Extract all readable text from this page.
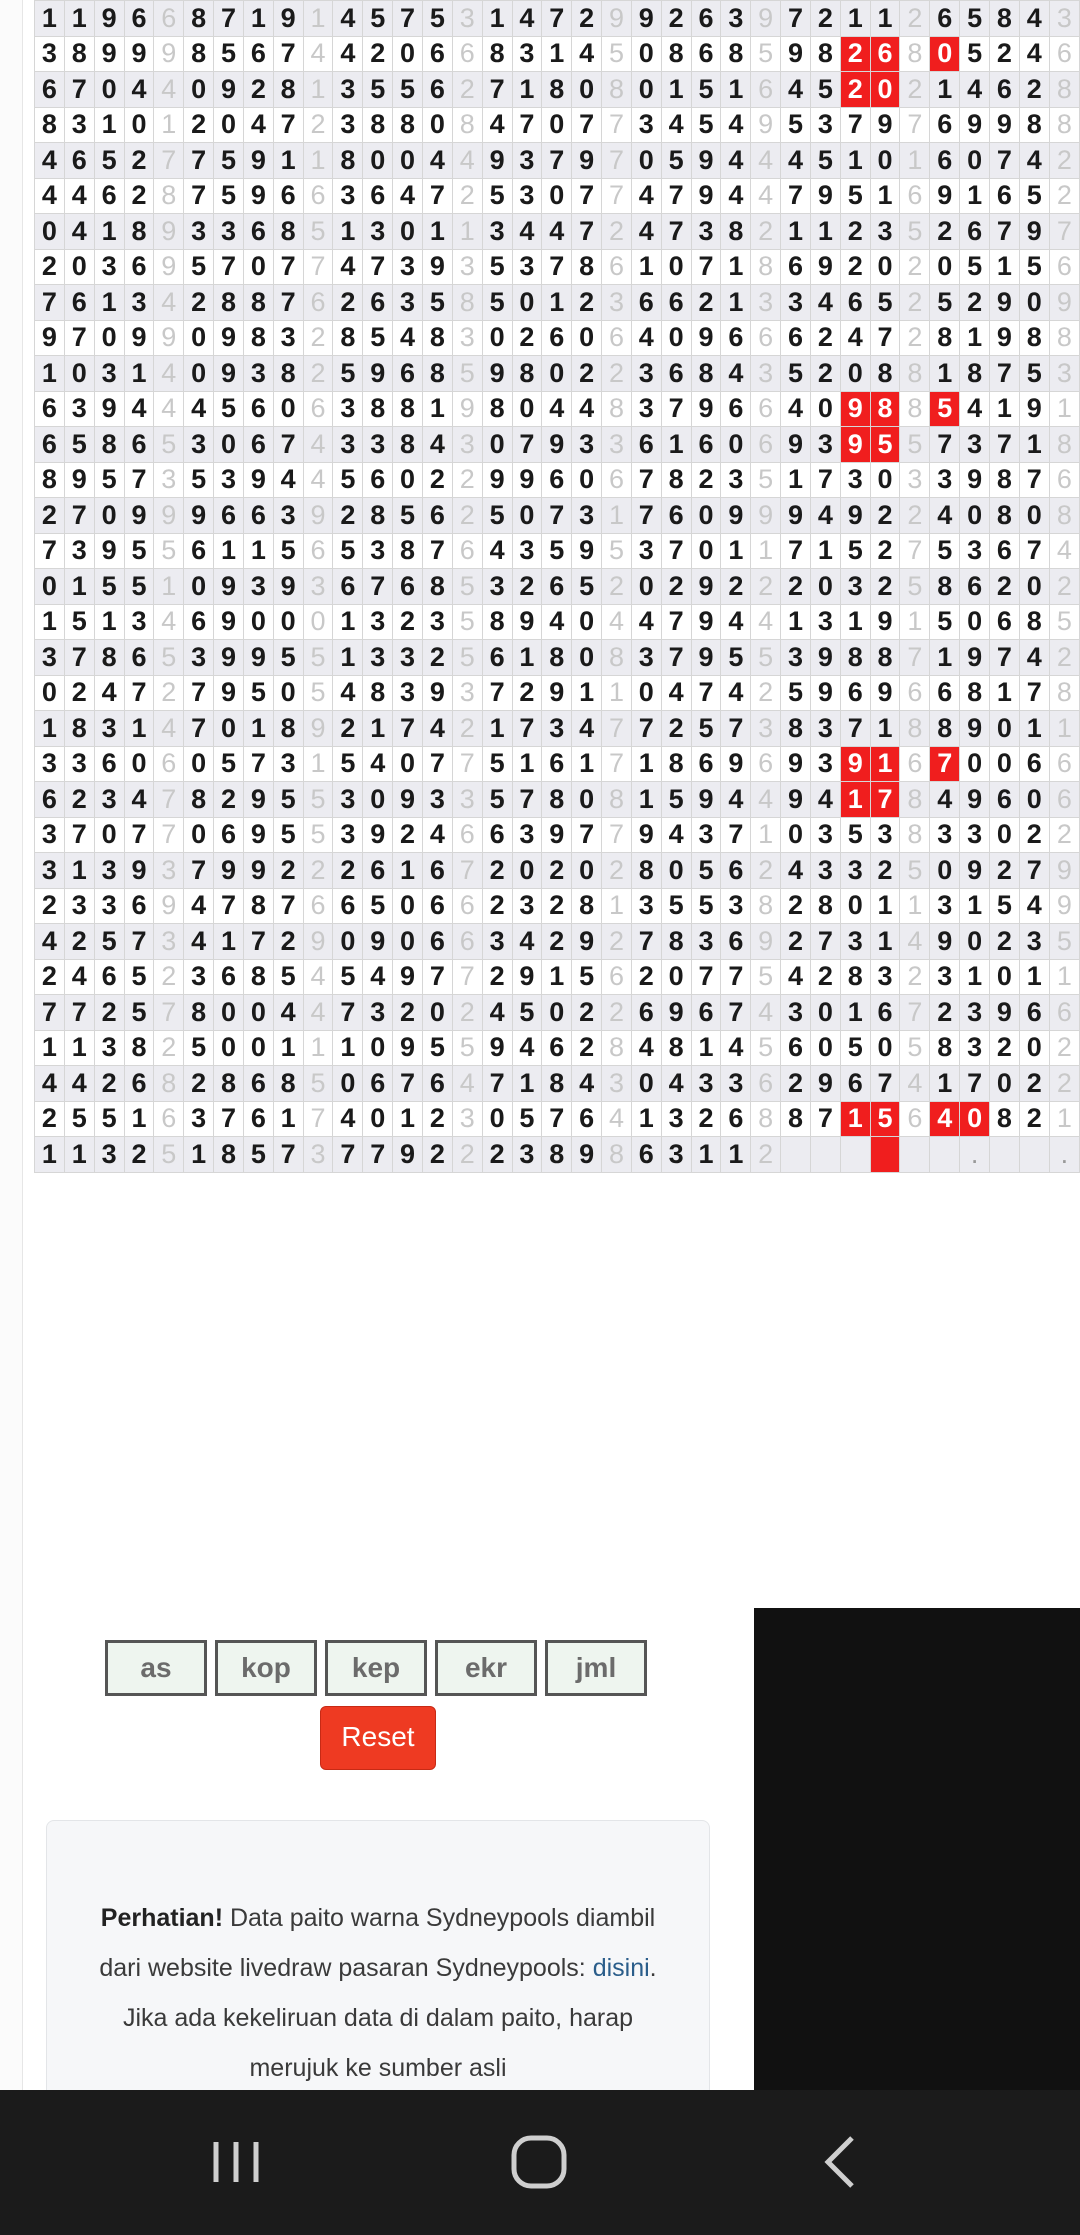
1	1	9	6	6	8	7	1	9	1	4	5	7	5	3	1	4	7	2	9	9	2	6	3	9	7	2	1	1	2	6	5	8	4	3
3	8	9	9	9	8	5	6	7	4	4	2	0	6	6	8	3	1	4	5	0	8	6	8	5	9	8	2	6	8	0	5	2	4	6
6	7	0	4	4	0	9	2	8	1	3	5	5	6	2	7	1	8	0	8	0	1	5	1	6	4	5	2	0	2	1	4	6	2	8
8	3	1	0	1	2	0	4	7	2	3	8	8	0	8	4	7	0	7	7	3	4	5	4	9	5	3	7	9	7	6	9	9	8	8
4	6	5	2	7	7	5	9	1	1	8	0	0	4	4	9	3	7	9	7	0	5	9	4	4	4	5	1	0	1	6	0	7	4	2
4	4	6	2	8	7	5	9	6	6	3	6	4	7	2	5	3	0	7	7	4	7	9	4	4	7	9	5	1	6	9	1	6	5	2
0	4	1	8	9	3	3	6	8	5	1	3	0	1	1	3	4	4	7	2	4	7	3	8	2	1	1	2	3	5	2	6	7	9	7
2	0	3	6	9	5	7	0	7	7	4	7	3	9	3	5	3	7	8	6	1	0	7	1	8	6	9	2	0	2	0	5	1	5	6
7	6	1	3	4	2	8	8	7	6	2	6	3	5	8	5	0	1	2	3	6	6	2	1	3	3	4	6	5	2	5	2	9	0	9
9	7	0	9	9	0	9	8	3	2	8	5	4	8	3	0	2	6	0	6	4	0	9	6	6	6	2	4	7	2	8	1	9	8	8
1	0	3	1	4	0	9	3	8	2	5	9	6	8	5	9	8	0	2	2	3	6	8	4	3	5	2	0	8	8	1	8	7	5	3
6	3	9	4	4	4	5	6	0	6	3	8	8	1	9	8	0	4	4	8	3	7	9	6	6	4	0	9	8	8	5	4	1	9	1
6	5	8	6	5	3	0	6	7	4	3	3	8	4	3	0	7	9	3	3	6	1	6	0	6	9	3	9	5	5	7	3	7	1	8
8	9	5	7	3	5	3	9	4	4	5	6	0	2	2	9	9	6	0	6	7	8	2	3	5	1	7	3	0	3	3	9	8	7	6
2	7	0	9	9	9	6	6	3	9	2	8	5	6	2	5	0	7	3	1	7	6	0	9	9	9	4	9	2	2	4	0	8	0	8
7	3	9	5	5	6	1	1	5	6	5	3	8	7	6	4	3	5	9	5	3	7	0	1	1	7	1	5	2	7	5	3	6	7	4
0	1	5	5	1	0	9	3	9	3	6	7	6	8	5	3	2	6	5	2	0	2	9	2	2	2	0	3	2	5	8	6	2	0	2
1	5	1	3	4	6	9	0	0	0	1	3	2	3	5	8	9	4	0	4	4	7	9	4	4	1	3	1	9	1	5	0	6	8	5
3	7	8	6	5	3	9	9	5	5	1	3	3	2	5	6	1	8	0	8	3	7	9	5	5	3	9	8	8	7	1	9	7	4	2
0	2	4	7	2	7	9	5	0	5	4	8	3	9	3	7	2	9	1	1	0	4	7	4	2	5	9	6	9	6	6	8	1	7	8
1	8	3	1	4	7	0	1	8	9	2	1	7	4	2	1	7	3	4	7	7	2	5	7	3	8	3	7	1	8	8	9	0	1	1
3	3	6	0	6	0	5	7	3	1	5	4	0	7	7	5	1	6	1	7	1	8	6	9	6	9	3	9	1	6	7	0	0	6	6
6	2	3	4	7	8	2	9	5	5	3	0	9	3	3	5	7	8	0	8	1	5	9	4	4	9	4	1	7	8	4	9	6	0	6
3	7	0	7	7	0	6	9	5	5	3	9	2	4	6	6	3	9	7	7	9	4	3	7	1	0	3	5	3	8	3	3	0	2	2
3	1	3	9	3	7	9	9	2	2	2	6	1	6	7	2	0	2	0	2	8	0	5	6	2	4	3	3	2	5	0	9	2	7	9
2	3	3	6	9	4	7	8	7	6	6	5	0	6	6	2	3	2	8	1	3	5	5	3	8	2	8	0	1	1	3	1	5	4	9
4	2	5	7	3	4	1	7	2	9	0	9	0	6	6	3	4	2	9	2	7	8	3	6	9	2	7	3	1	4	9	0	2	3	5
2	4	6	5	2	3	6	8	5	4	5	4	9	7	7	2	9	1	5	6	2	0	7	7	5	4	2	8	3	2	3	1	0	1	1
7	7	2	5	7	8	0	0	4	4	7	3	2	0	2	4	5	0	2	2	6	9	6	7	4	3	0	1	6	7	2	3	9	6	6
1	1	3	8	2	5	0	0	1	1	1	0	9	5	5	9	4	6	2	8	4	8	1	4	5	6	0	5	0	5	8	3	2	0	2
4	4	2	6	8	2	8	6	8	5	0	6	7	6	4	7	1	8	4	3	0	4	3	3	6	2	9	6	7	4	1	7	0	2	2
2	5	5	1	6	3	7	6	1	7	4	0	1	2	3	0	5	7	6	4	1	3	2	6	8	8	7	1	5	6	4	0	8	2	1
1	1	3	2	5	1	8	5	7	3	7	7	9	2	2	2	3	8	9	8	6	3	1	1	2							.			.
as kop kep ekr jml
Reset

Perhatian! Data paito warna Sydneypools diambil dari website livedraw pasaran Sydneypools: disini. Jika ada kekeliruan data di dalam paito, harap merujuk ke sumber asli
